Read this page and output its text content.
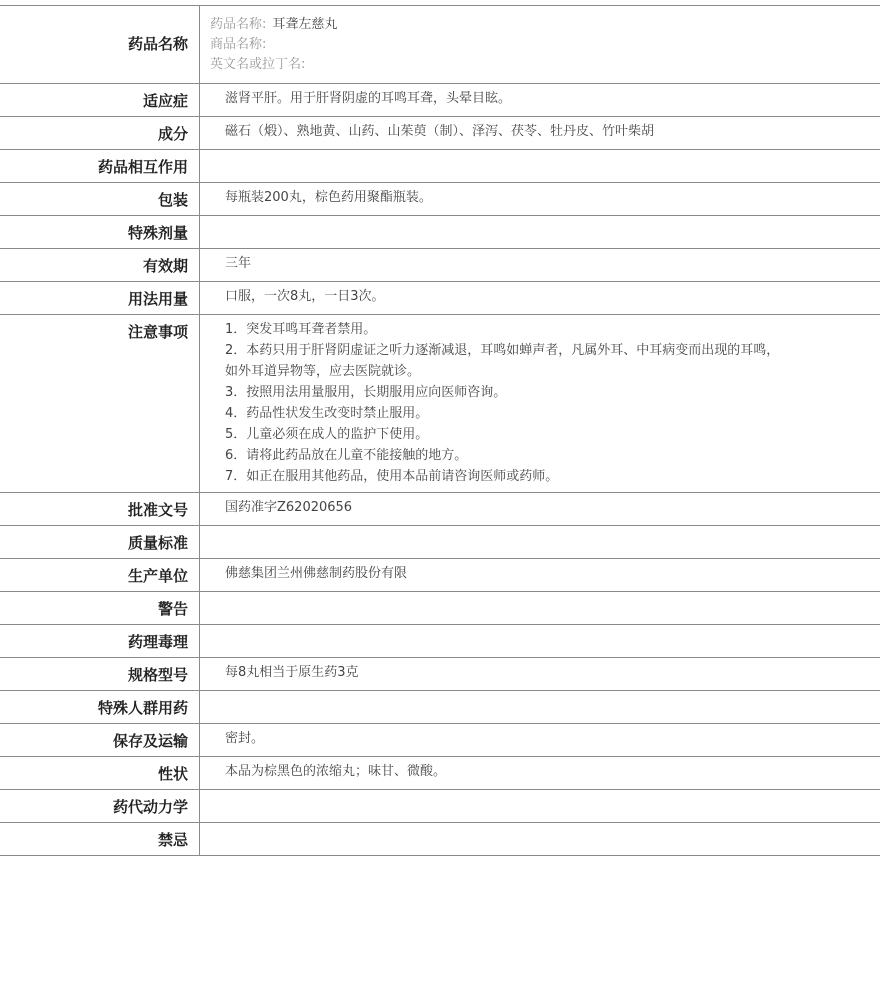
药品名称
药品名称: 耳聋左慈丸
商品名称:
英文名或拉丁名:
适应症	滋肾平肝。用于肝肾阴虚的耳鸣耳聋，头晕目眩。
成分	磁石（煅）、熟地黄、山药、山茱萸（制）、泽泻、茯苓、牡丹皮、竹叶柴胡
药品相互作用
包装	每瓶装200丸，棕色药用聚酯瓶装。
特殊剂量
有效期	三年
用法用量	口服，一次8丸，一日3次。
注意事项	1．突发耳鸣耳聋者禁用。

2．本药只用于肝肾阴虚证之听力逐渐减退，耳鸣如蝉声者，凡属外耳、中耳病变而出现的耳鸣，如外耳道异物等，应去医院就诊。

3．按照用法用量服用，长期服用应向医师咨询。

4．药品性状发生改变时禁止服用。

5．儿童必须在成人的监护下使用。

6．请将此药品放在儿童不能接触的地方。

7．如正在服用其他药品，使用本品前请咨询医师或药师。

批准文号	国药准字Z62020656
质量标准
生产单位	佛慈集团兰州佛慈制药股份有限
警告
药理毒理
规格型号	每8丸相当于原生药3克
特殊人群用药
保存及运输	密封。
性状	本品为棕黑色的浓缩丸；味甘、微酸。
药代动力学
禁忌
